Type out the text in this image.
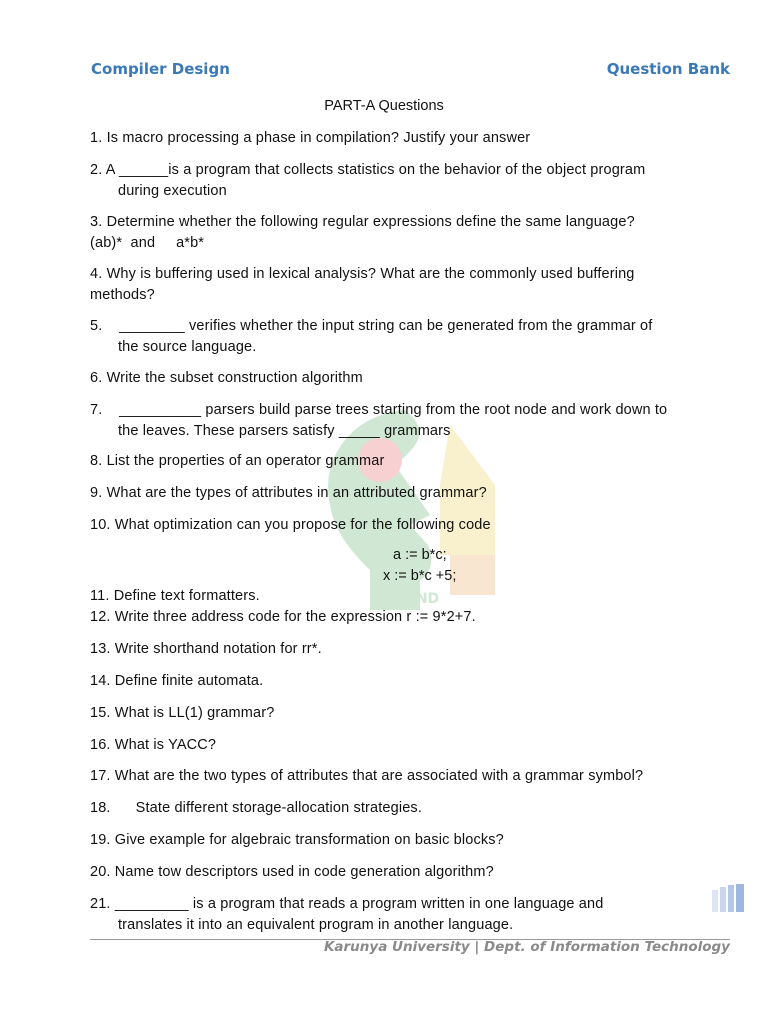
Compiler Design	Question Bank
AND
PART-A Questions
1. Is macro processing a phase in compilation? Justify your answer
2. A ______is a program that collects statistics on the behavior of the object program
during execution
3. Determine whether the following regular expressions define the same language?
(ab)*  and     a*b*
4. Why is buffering used in lexical analysis? What are the commonly used buffering
methods?
5.    ________ verifies whether the input string can be generated from the grammar of
the source language.
6. Write the subset construction algorithm
7.    __________ parsers build parse trees starting from the root node and work down to
the leaves. These parsers satisfy _____ grammars
8. List the properties of an operator grammar
9. What are the types of attributes in an attributed grammar?
10. What optimization can you propose for the following code
a := b*c;
x := b*c +5;
11. Define text formatters.
12. Write three address code for the expression r := 9*2+7.
13. Write shorthand notation for rr*.
14. Define finite automata.
15. What is LL(1) grammar?
16. What is YACC?
17. What are the two types of attributes that are associated with a grammar symbol?
18.      State different storage-allocation strategies.
19. Give example for algebraic transformation on basic blocks?
20. Name tow descriptors used in code generation algorithm?
21. _________ is a program that reads a program written in one language and
translates it into an equivalent program in another language.
Karunya University | Dept. of Information Technology
